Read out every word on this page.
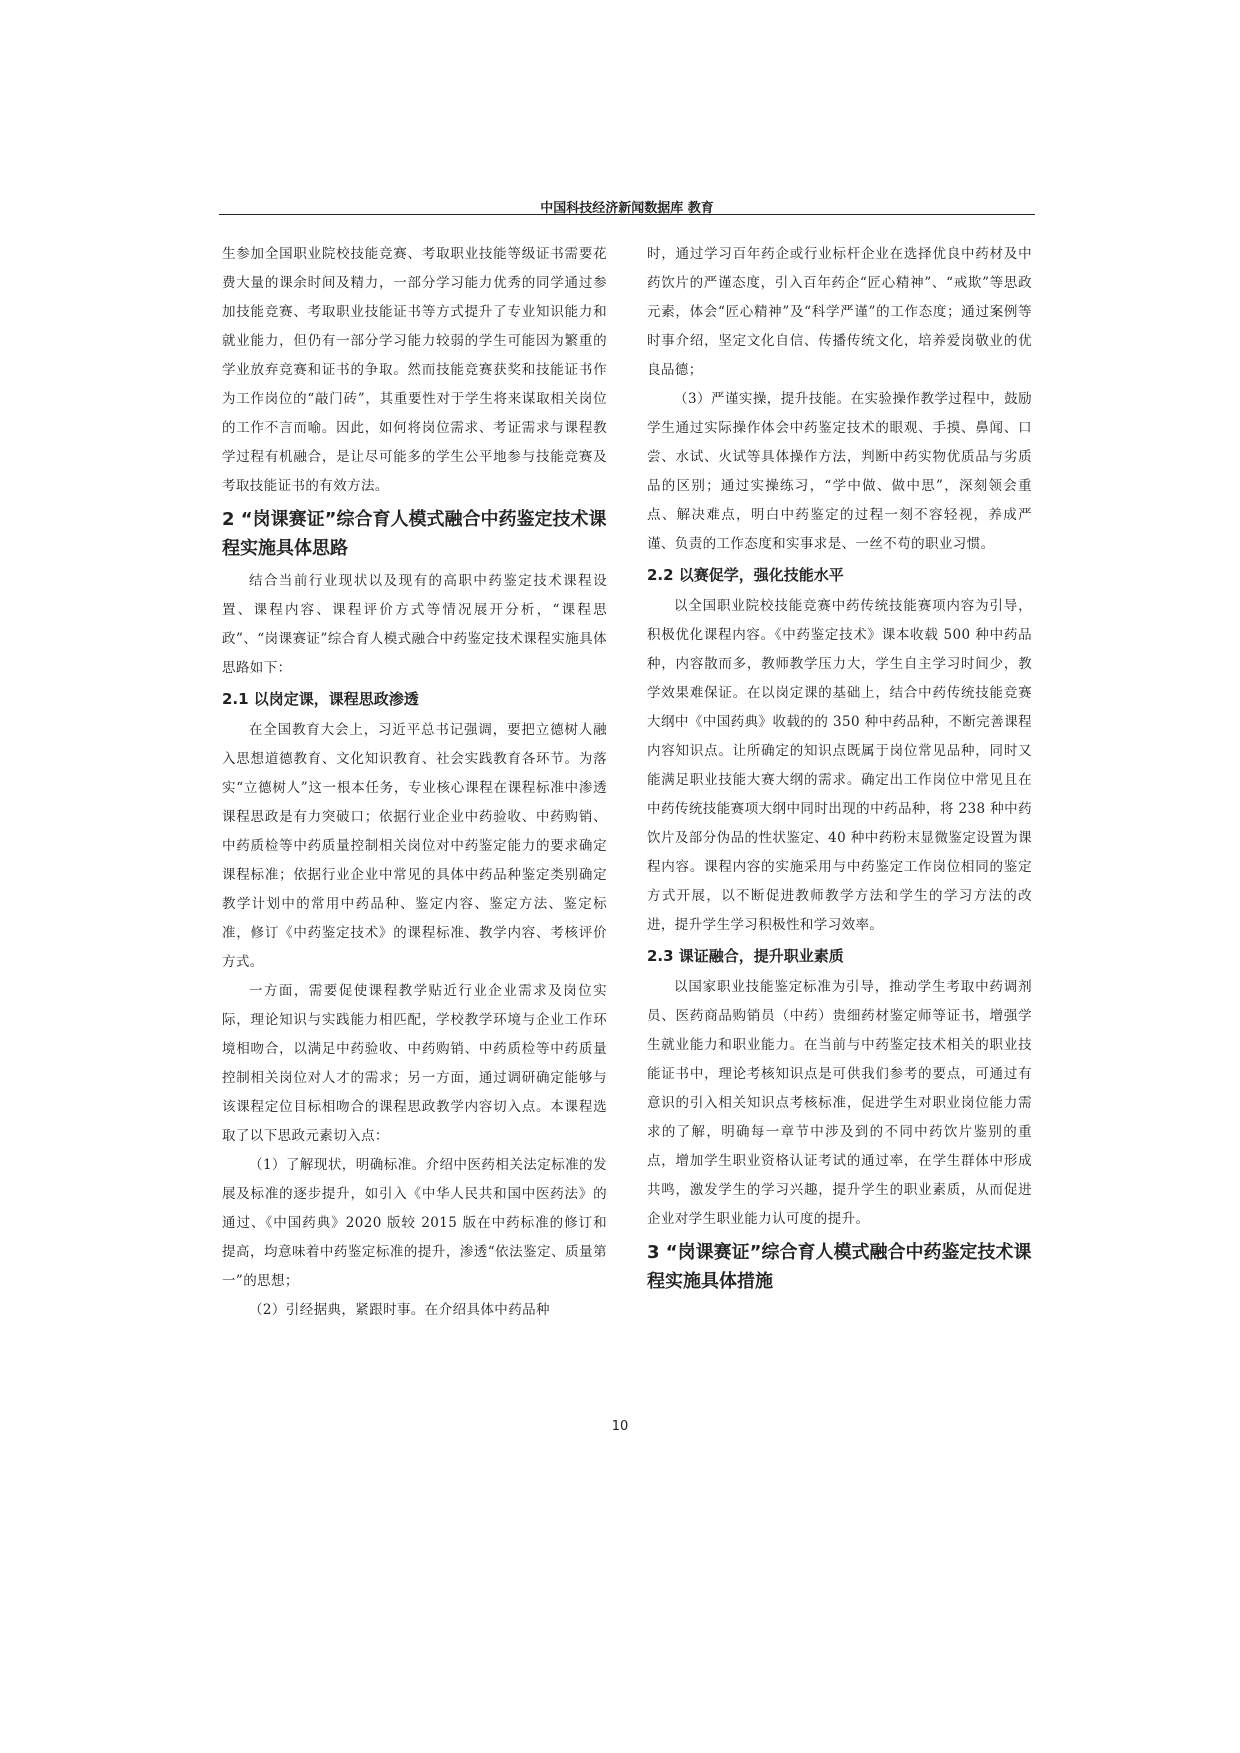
中国科技经济新闻数据库 教育

生参加全国职业院校技能竞赛、考取职业技能等级证书需要花费大量的课余时间及精力，一部分学习能力优秀的同学通过参加技能竞赛、考取职业技能证书等方式提升了专业知识能力和就业能力，但仍有一部分学习能力较弱的学生可能因为繁重的学业放弃竞赛和证书的争取。然而技能竞赛获奖和技能证书作为工作岗位的“敲门砖”，其重要性对于学生将来谋取相关岗位的工作不言而喻。因此，如何将岗位需求、考证需求与课程教学过程有机融合，是让尽可能多的学生公平地参与技能竞赛及考取技能证书的有效方法。

2 “岗课赛证”综合育人模式融合中药鉴定技术课程实施具体思路

结合当前行业现状以及现有的高职中药鉴定技术课程设置、课程内容、课程评价方式等情况展开分析，“课程思政”、“岗课赛证”综合育人模式融合中药鉴定技术课程实施具体思路如下：

2.1 以岗定课，课程思政渗透

在全国教育大会上，习近平总书记强调，要把立德树人融入思想道德教育、文化知识教育、社会实践教育各环节。为落实“立德树人”这一根本任务，专业核心课程在课程标准中渗透课程思政是有力突破口；依据行业企业中药验收、中药购销、中药质检等中药质量控制相关岗位对中药鉴定能力的要求确定课程标准；依据行业企业中常见的具体中药品种鉴定类别确定教学计划中的常用中药品种、鉴定内容、鉴定方法、鉴定标准，修订《中药鉴定技术》的课程标准、教学内容、考核评价方式。

一方面，需要促使课程教学贴近行业企业需求及岗位实际，理论知识与实践能力相匹配，学校教学环境与企业工作环境相吻合，以满足中药验收、中药购销、中药质检等中药质量控制相关岗位对人才的需求；另一方面，通过调研确定能够与该课程定位目标相吻合的课程思政教学内容切入点。本课程选取了以下思政元素切入点：

（1）了解现状，明确标准。介绍中医药相关法定标准的发展及标准的逐步提升，如引入《中华人民共和国中医药法》的通过、《中国药典》2020 版较 2015 版在中药标准的修订和提高，均意味着中药鉴定标准的提升，渗透“依法鉴定、质量第一”的思想；

（2）引经据典，紧跟时事。在介绍具体中药品种

时，通过学习百年药企或行业标杆企业在选择优良中药材及中药饮片的严谨态度，引入百年药企“匠心精神”、“戒欺”等思政元素，体会“匠心精神”及“科学严谨”的工作态度；通过案例等时事介绍，坚定文化自信、传播传统文化，培养爱岗敬业的优良品德；

（3）严谨实操，提升技能。在实验操作教学过程中，鼓励学生通过实际操作体会中药鉴定技术的眼观、手摸、鼻闻、口尝、水试、火试等具体操作方法，判断中药实物优质品与劣质品的区别；通过实操练习，“学中做、做中思”，深刻领会重点、解决难点，明白中药鉴定的过程一刻不容轻视，养成严谨、负责的工作态度和实事求是、一丝不苟的职业习惯。

2.2 以赛促学，强化技能水平

以全国职业院校技能竞赛中药传统技能赛项内容为引导，积极优化课程内容。《中药鉴定技术》课本收载 500 种中药品种，内容散而多，教师教学压力大，学生自主学习时间少，教学效果难保证。在以岗定课的基础上，结合中药传统技能竞赛大纲中《中国药典》收载的的 350 种中药品种，不断完善课程内容知识点。让所确定的知识点既属于岗位常见品种，同时又能满足职业技能大赛大纲的需求。确定出工作岗位中常见且在中药传统技能赛项大纲中同时出现的中药品种，将 238 种中药饮片及部分伪品的性状鉴定、40 种中药粉末显微鉴定设置为课程内容。课程内容的实施采用与中药鉴定工作岗位相同的鉴定方式开展，以不断促进教师教学方法和学生的学习方法的改进，提升学生学习积极性和学习效率。

2.3 课证融合，提升职业素质

以国家职业技能鉴定标准为引导，推动学生考取中药调剂员、医药商品购销员（中药）贵细药材鉴定师等证书，增强学生就业能力和职业能力。在当前与中药鉴定技术相关的职业技能证书中，理论考核知识点是可供我们参考的要点，可通过有意识的引入相关知识点考核标准，促进学生对职业岗位能力需求的了解，明确每一章节中涉及到的不同中药饮片鉴别的重点，增加学生职业资格认证考试的通过率，在学生群体中形成共鸣，激发学生的学习兴趣，提升学生的职业素质，从而促进企业对学生职业能力认可度的提升。

3 “岗课赛证”综合育人模式融合中药鉴定技术课程实施具体措施
10
